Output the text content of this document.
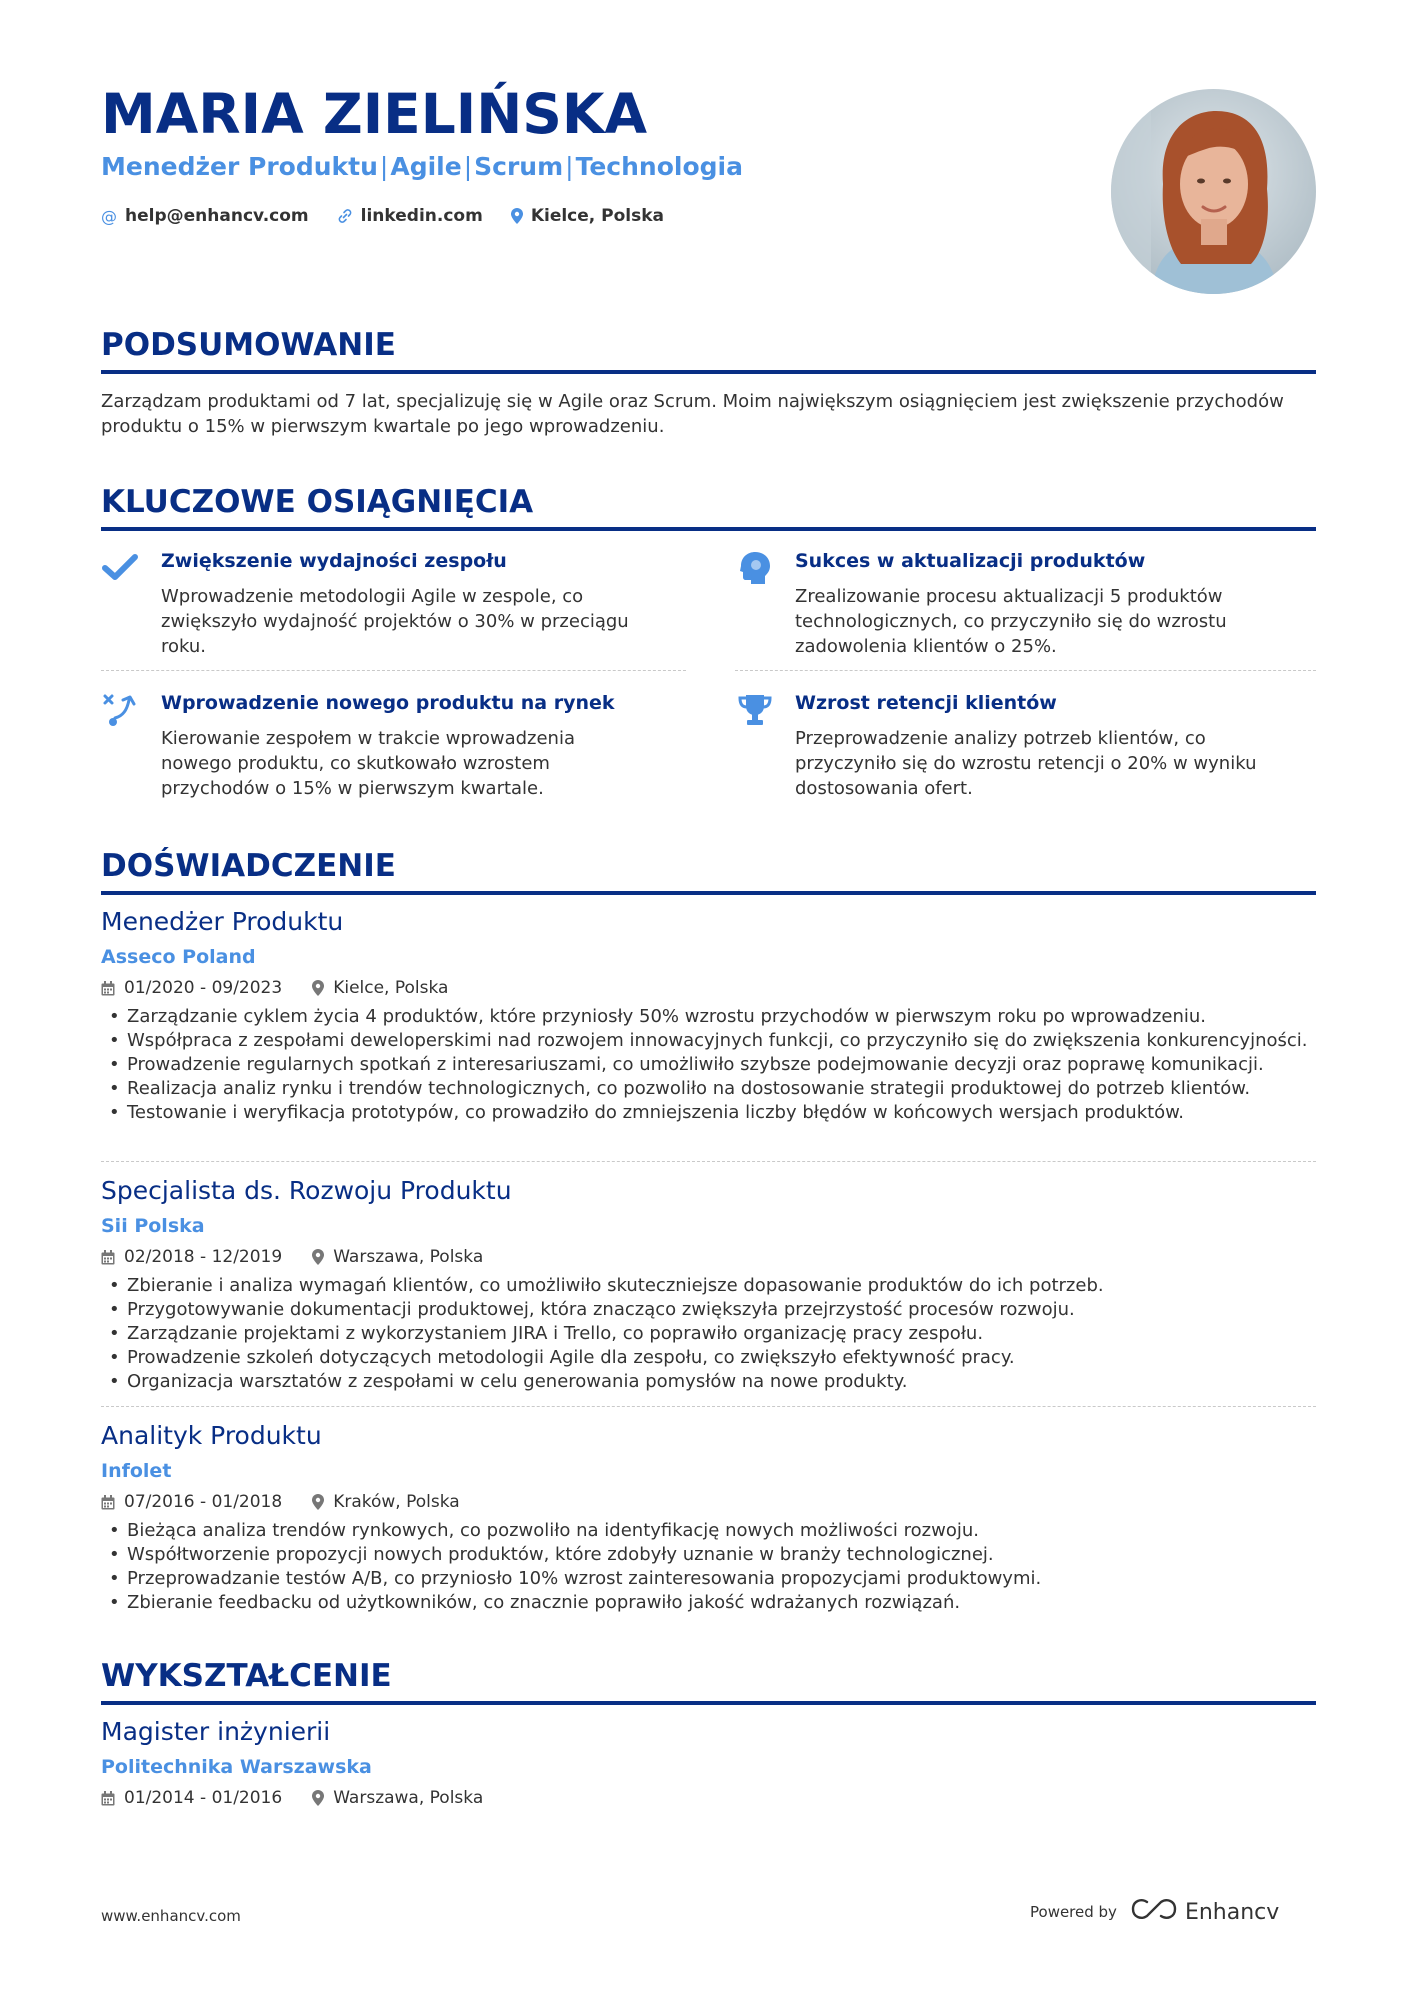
MARIA ZIELIŃSKA
Menedżer Produktu|Agile|Scrum|Technologia
@ help@enhancv.com	linkedin.com	Kielce, Polska
PODSUMOWANIE
Zarządzam produktami od 7 lat, specjalizuję się w Agile oraz Scrum. Moim największym osiągnięciem jest zwiększenie przychodów produktu o 15% w pierwszym kwartale po jego wprowadzeniu.
KLUCZOWE OSIĄGNIĘCIA
Zwiększenie wydajności zespołu
Wprowadzenie metodologii Agile w zespole, co zwiększyło wydajność projektów o 30% w przeciągu roku.
Sukces w aktualizacji produktów
Zrealizowanie procesu aktualizacji 5 produktów technologicznych, co przyczyniło się do wzrostu zadowolenia klientów o 25%.
Wprowadzenie nowego produktu na rynek
Kierowanie zespołem w trakcie wprowadzenia nowego produktu, co skutkowało wzrostem przychodów o 15% w pierwszym kwartale.
Wzrost retencji klientów
Przeprowadzenie analizy potrzeb klientów, co przyczyniło się do wzrostu retencji o 20% w wyniku dostosowania ofert.
DOŚWIADCZENIE
Menedżer Produktu
Asseco Poland
01/2020 - 09/2023	Kielce, Polska
• Zarządzanie cyklem życia 4 produktów, które przyniosły 50% wzrostu przychodów w pierwszym roku po wprowadzeniu.
• Współpraca z zespołami deweloperskimi nad rozwojem innowacyjnych funkcji, co przyczyniło się do zwiększenia konkurencyjności.
• Prowadzenie regularnych spotkań z interesariuszami, co umożliwiło szybsze podejmowanie decyzji oraz poprawę komunikacji.
• Realizacja analiz rynku i trendów technologicznych, co pozwoliło na dostosowanie strategii produktowej do potrzeb klientów.
• Testowanie i weryfikacja prototypów, co prowadziło do zmniejszenia liczby błędów w końcowych wersjach produktów.
Specjalista ds. Rozwoju Produktu
Sii Polska
02/2018 - 12/2019	Warszawa, Polska
• Zbieranie i analiza wymagań klientów, co umożliwiło skuteczniejsze dopasowanie produktów do ich potrzeb.
• Przygotowywanie dokumentacji produktowej, która znacząco zwiększyła przejrzystość procesów rozwoju.
• Zarządzanie projektami z wykorzystaniem JIRA i Trello, co poprawiło organizację pracy zespołu.
• Prowadzenie szkoleń dotyczących metodologii Agile dla zespołu, co zwiększyło efektywność pracy.
• Organizacja warsztatów z zespołami w celu generowania pomysłów na nowe produkty.
Analityk Produktu
Infolet
07/2016 - 01/2018	Kraków, Polska
• Bieżąca analiza trendów rynkowych, co pozwoliło na identyfikację nowych możliwości rozwoju.
• Współtworzenie propozycji nowych produktów, które zdobyły uznanie w branży technologicznej.
• Przeprowadzanie testów A/B, co przyniosło 10% wzrost zainteresowania propozycjami produktowymi.
• Zbieranie feedbacku od użytkowników, co znacznie poprawiło jakość wdrażanych rozwiązań.
WYKSZTAŁCENIE
Magister inżynierii
Politechnika Warszawska
01/2014 - 01/2016	Warszawa, Polska
www.enhancv.com	Powered by	Enhancv
